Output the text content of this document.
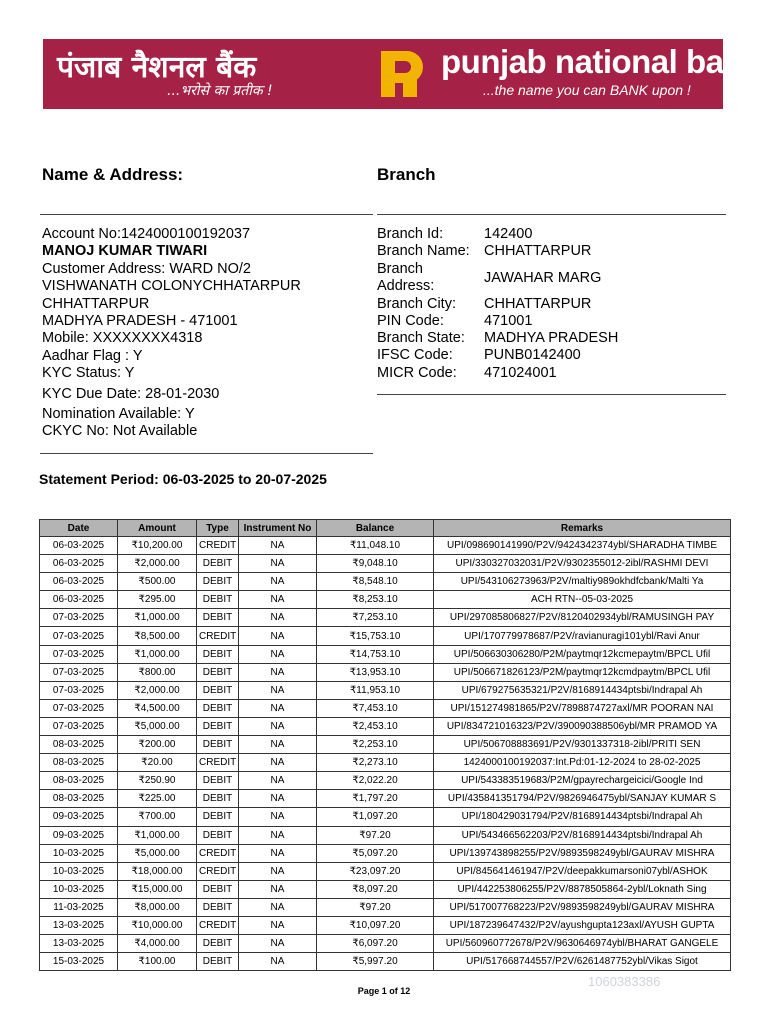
पंजाब नैशनल बैंक
...भरोसे का प्रतीक !
punjab national bank
...the name you can BANK upon !
Name & Address:	Branch
Account No:1424000100192037
MANOJ KUMAR TIWARI
Customer Address: WARD NO/2
VISHWANATH COLONYCHHATARPUR
CHHATTARPUR
MADHYA PRADESH - 471001
Mobile: XXXXXXXX4318
Aadhar Flag : Y
KYC Status: Y
KYC Due Date: 28-01-2030
Nomination Available: Y
CKYC No: Not Available
Branch Id:	142400
Branch Name: CHHATTARPUR
Branch Address:
JAWAHAR MARG
Branch City: CHHATTARPUR
PIN Code:	471001
Branch State: MADHYA PRADESH
IFSC Code: PUNB0142400
MICR Code: 471024001
Statement Period: 06-03-2025 to 20-07-2025
Date	Amount	Type	Instrument No	Balance	Remarks
06-03-2025	₹10,200.00	CREDIT	NA	₹11,048.10	UPI/098690141990/P2V/9424342374ybl/SHARADHA TIMBE
06-03-2025	₹2,000.00	DEBIT	NA	₹9,048.10	UPI/330327032031/P2V/9302355012-2ibl/RASHMI DEVI
06-03-2025	₹500.00	DEBIT	NA	₹8,548.10	UPI/543106273963/P2V/maltiy989okhdfcbank/Malti Ya
06-03-2025	₹295.00	DEBIT	NA	₹8,253.10	ACH RTN--05-03-2025
07-03-2025	₹1,000.00	DEBIT	NA	₹7,253.10	UPI/297085806827/P2V/8120402934ybl/RAMUSINGH PAY
07-03-2025	₹8,500.00	CREDIT	NA	₹15,753.10	UPI/170779978687/P2V/ravianuragi101ybl/Ravi Anur
07-03-2025	₹1,000.00	DEBIT	NA	₹14,753.10	UPI/506630306280/P2M/paytmqr12kcmepaytm/BPCL Ufil
07-03-2025	₹800.00	DEBIT	NA	₹13,953.10	UPI/506671826123/P2M/paytmqr12kcmdpaytm/BPCL Ufil
07-03-2025	₹2,000.00	DEBIT	NA	₹11,953.10	UPI/679275635321/P2V/8168914434ptsbi/Indrapal Ah
07-03-2025	₹4,500.00	DEBIT	NA	₹7,453.10	UPI/151274981865/P2V/7898874727axl/MR POORAN NAI
07-03-2025	₹5,000.00	DEBIT	NA	₹2,453.10	UPI/834721016323/P2V/390090388506ybl/MR PRAMOD YA
08-03-2025	₹200.00	DEBIT	NA	₹2,253.10	UPI/506708883691/P2V/9301337318-2ibl/PRITI SEN
08-03-2025	₹20.00	CREDIT	NA	₹2,273.10	1424000100192037:Int.Pd:01-12-2024 to 28-02-2025
08-03-2025	₹250.90	DEBIT	NA	₹2,022.20	UPI/543383519683/P2M/gpayrechargeicici/Google Ind
08-03-2025	₹225.00	DEBIT	NA	₹1,797.20	UPI/435841351794/P2V/9826946475ybl/SANJAY KUMAR S
09-03-2025	₹700.00	DEBIT	NA	₹1,097.20	UPI/180429031794/P2V/8168914434ptsbi/Indrapal Ah
09-03-2025	₹1,000.00	DEBIT	NA	₹97.20	UPI/543466562203/P2V/8168914434ptsbi/Indrapal Ah
10-03-2025	₹5,000.00	CREDIT	NA	₹5,097.20	UPI/139743898255/P2V/9893598249ybl/GAURAV MISHRA
10-03-2025	₹18,000.00	CREDIT	NA	₹23,097.20	UPI/845641461947/P2V/deepakkumarsoni07ybl/ASHOK
10-03-2025	₹15,000.00	DEBIT	NA	₹8,097.20	UPI/442253806255/P2V/8878505864-2ybl/Loknath Sing
11-03-2025	₹8,000.00	DEBIT	NA	₹97.20	UPI/517007768223/P2V/9893598249ybl/GAURAV MISHRA
13-03-2025	₹10,000.00	CREDIT	NA	₹10,097.20	UPI/187239647432/P2V/ayushgupta123axl/AYUSH GUPTA
13-03-2025	₹4,000.00	DEBIT	NA	₹6,097.20	UPI/560960772678/P2V/9630646974ybl/BHARAT GANGELE
15-03-2025	₹100.00	DEBIT	NA	₹5,997.20	UPI/517668744557/P2V/6261487752ybl/Vikas Sigot
1060383386
Page 1 of 12
